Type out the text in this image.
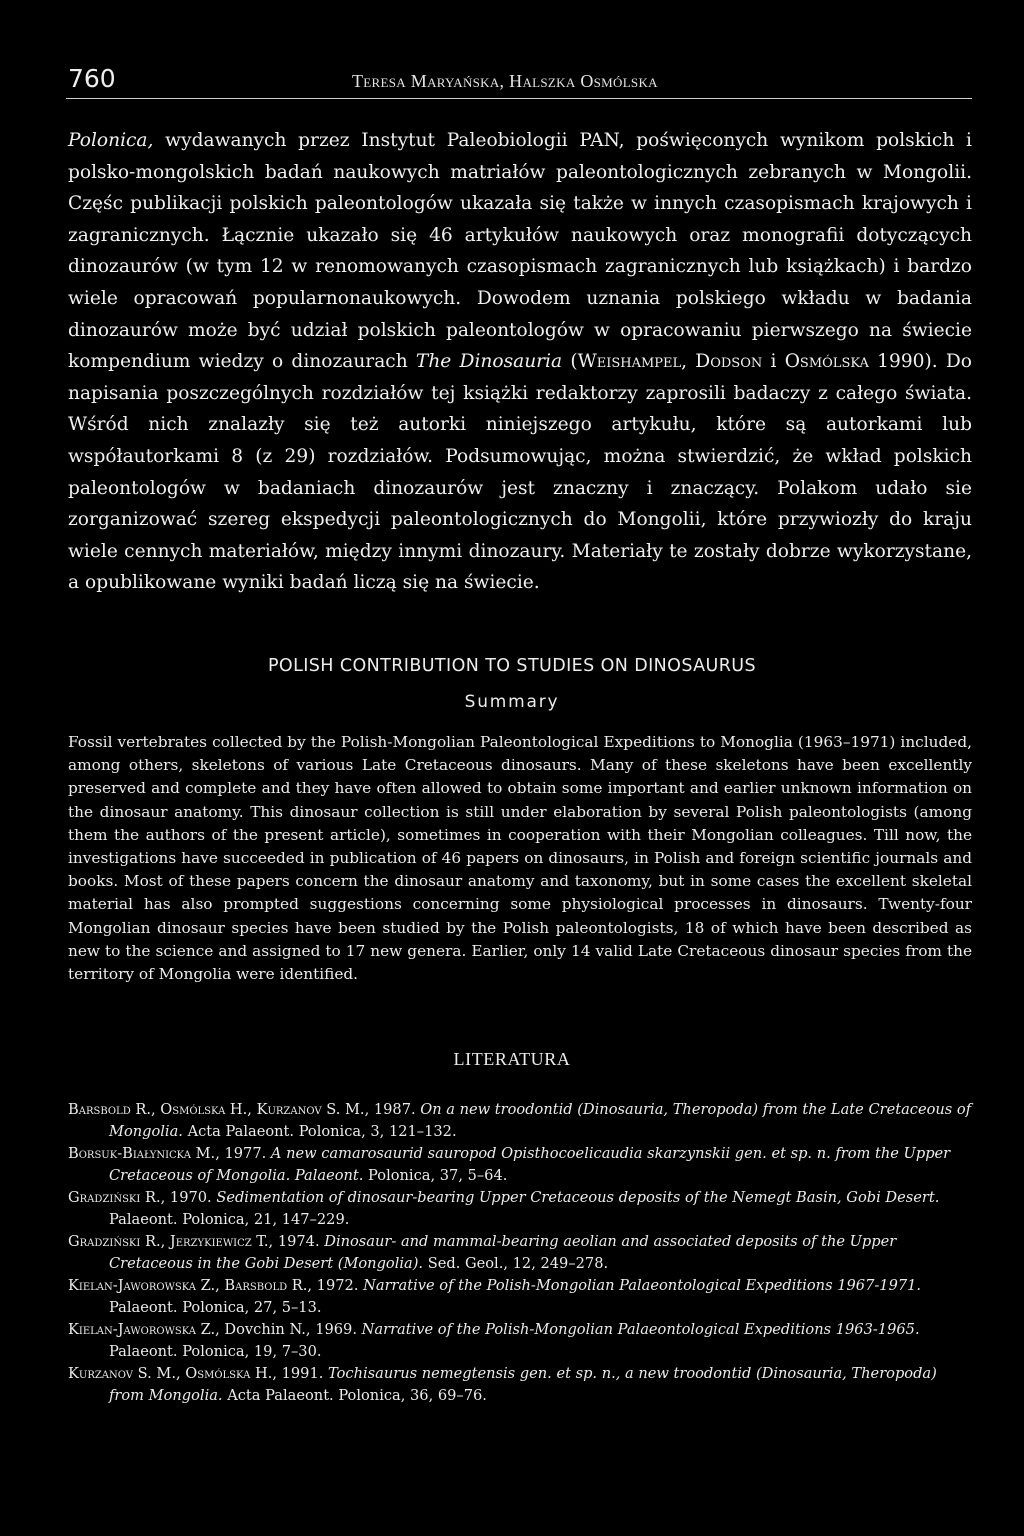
760	Teresa Maryańska, Halszka Osmólska

Polonica, wydawanych przez Instytut Paleobiologii PAN, poświęconych wynikom polskich i polsko-mongolskich badań naukowych matriałów paleontologicznych zebranych w Mongolii. Częśc publikacji polskich paleontologów ukazała się także w innych czasopismach krajowych i zagranicznych. Łącznie ukazało się 46 artykułów naukowych oraz monografii dotyczących dinozaurów (w tym 12 w renomowanych czasopismach zagranicznych lub książkach) i bardzo wiele opracowań popularnonaukowych. Dowodem uznania polskiego wkładu w badania dinozaurów może być udział polskich paleontologów w opracowaniu pierwszego na świecie kompendium wiedzy o dinozaurach The Dinosauria (Weishampel, Dodson i Osmólska 1990). Do napisania poszczególnych rozdziałów tej książki redaktorzy zaprosili badaczy z całego świata. Wśród nich znalazły się też autorki niniejszego artykułu, które są autorkami lub współautorkami 8 (z 29) rozdziałów. Podsumowując, można stwierdzić, że wkład polskich paleontologów w badaniach dinozaurów jest znaczny i znaczący. Polakom udało sie zorganizować szereg ekspedycji paleontologicznych do Mongolii, które przywiozły do kraju wiele cennych materiałów, między innymi dinozaury. Materiały te zostały dobrze wykorzystane, a opublikowane wyniki badań liczą się na świecie.

POLISH CONTRIBUTION TO STUDIES ON DINOSAURUS
Summary

Fossil vertebrates collected by the Polish-Mongolian Paleontological Expeditions to Monoglia (1963–1971) included, among others, skeletons of various Late Cretaceous dinosaurs. Many of these skeletons have been excellently preserved and complete and they have often allowed to obtain some important and earlier unknown information on the dinosaur anatomy. This dinosaur collection is still under elaboration by several Polish paleontologists (among them the authors of the present article), sometimes in cooperation with their Mongolian colleagues. Till now, the investigations have succeeded in publication of 46 papers on dinosaurs, in Polish and foreign scientific journals and books. Most of these papers concern the dinosaur anatomy and taxonomy, but in some cases the excellent skeletal material has also prompted suggestions concerning some physiological processes in dinosaurs. Twenty-four Mongolian dinosaur species have been studied by the Polish paleontologists, 18 of which have been described as new to the science and assigned to 17 new genera. Earlier, only 14 valid Late Cretaceous dinosaur species from the territory of Mongolia were identified.

LITERATURA

Barsbold R., Osmólska H., Kurzanov S. M., 1987. On a new troodontid (Dinosauria, Theropoda) from the Late Cretaceous of Mongolia. Acta Palaeont. Polonica, 3, 121–132.

Borsuk-Białynicka M., 1977. A new camarosaurid sauropod Opisthocoelicaudia skarzynskii gen. et sp. n. from the Upper Cretaceous of Mongolia. Palaeont. Polonica, 37, 5–64.

Gradziński R., 1970. Sedimentation of dinosaur-bearing Upper Cretaceous deposits of the Nemegt Basin, Gobi Desert. Palaeont. Polonica, 21, 147–229.

Gradziński R., Jerzykiewicz T., 1974. Dinosaur- and mammal-bearing aeolian and associated deposits of the Upper Cretaceous in the Gobi Desert (Mongolia). Sed. Geol., 12, 249–278.

Kielan-Jaworowska Z., Barsbold R., 1972. Narrative of the Polish-Mongolian Palaeontological Expeditions 1967-1971. Palaeont. Polonica, 27, 5–13.

Kielan-Jaworowska Z., Dovchin N., 1969. Narrative of the Polish-Mongolian Palaeontological Expeditions 1963-1965. Palaeont. Polonica, 19, 7–30.

Kurzanov S. M., Osmólska H., 1991. Tochisaurus nemegtensis gen. et sp. n., a new troodontid (Dinosauria, Theropoda) from Mongolia. Acta Palaeont. Polonica, 36, 69–76.
